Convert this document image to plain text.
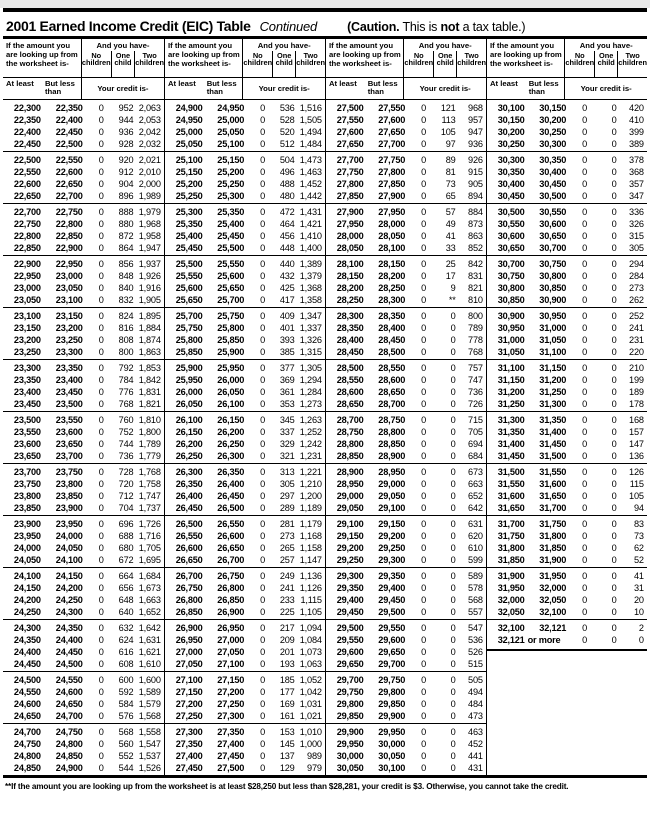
2001 Earned Income Credit (EIC) Table Continued (Caution. This is not a tax table.)
If the amount you are looking up from the worksheet is-
And you have-
No children
One child
Two children
At least	But less than	Your credit is-
22,300	22,350	0	952 2,063
22,350	22,400	0	944 2,053
22,400	22,450	0	936 2,042
22,450	22,500	0	928 2,032
22,500	22,550	0	920 2,021
22,550	22,600	0	912 2,010
22,600	22,650	0	904 2,000
22,650	22,700	0	896 1,989
22,700	22,750	0	888 1,979
22,750	22,800	0	880 1,968
22,800	22,850	0	872 1,958
22,850	22,900	0	864 1,947
22,900	22,950	0	856 1,937
22,950	23,000	0	848 1,926
23,000	23,050	0	840 1,916
23,050	23,100	0	832 1,905
23,100	23,150	0	824 1,895
23,150	23,200	0	816 1,884
23,200	23,250	0	808 1,874
23,250	23,300	0	800 1,863
23,300	23,350	0	792 1,853
23,350	23,400	0	784 1,842
23,400	23,450	0	776 1,831
23,450	23,500	0	768 1,821
23,500	23,550	0	760 1,810
23,550	23,600	0	752 1,800
23,600	23,650	0	744 1,789
23,650	23,700	0	736 1,779
23,700	23,750	0	728 1,768
23,750	23,800	0	720 1,758
23,800	23,850	0	712 1,747
23,850	23,900	0	704 1,737
23,900	23,950	0	696 1,726
23,950	24,000	0	688 1,716
24,000	24,050	0	680 1,705
24,050	24,100	0	672 1,695
24,100	24,150	0	664 1,684
24,150	24,200	0	656 1,673
24,200	24,250	0	648 1,663
24,250	24,300	0	640 1,652
24,300	24,350	0	632 1,642
24,350	24,400	0	624 1,631
24,400	24,450	0	616 1,621
24,450	24,500	0	608 1,610
24,500	24,550	0	600 1,600
24,550	24,600	0	592 1,589
24,600	24,650	0	584 1,579
24,650	24,700	0	576 1,568
24,700	24,750	0	568 1,558
24,750	24,800	0	560 1,547
24,800	24,850	0	552 1,537
24,850	24,900	0	544 1,526
If the amount you are looking up from the worksheet is-
And you have-
No children
One child
Two children
At least	But less than	Your credit is-
24,900	24,950	0	536 1,516
24,950	25,000	0	528 1,505
25,000	25,050	0	520 1,494
25,050	25,100	0	512 1,484
25,100	25,150	0	504 1,473
25,150	25,200	0	496 1,463
25,200	25,250	0	488 1,452
25,250	25,300	0	480 1,442
25,300	25,350	0	472 1,431
25,350	25,400	0	464 1,421
25,400	25,450	0	456 1,410
25,450	25,500	0	448 1,400
25,500	25,550	0	440 1,389
25,550	25,600	0	432 1,379
25,600	25,650	0	425 1,368
25,650	25,700	0	417 1,358
25,700	25,750	0	409 1,347
25,750	25,800	0	401 1,337
25,800	25,850	0	393 1,326
25,850	25,900	0	385 1,315
25,900	25,950	0	377 1,305
25,950	26,000	0	369 1,294
26,000	26,050	0	361 1,284
26,050	26,100	0	353 1,273
26,100	26,150	0	345 1,263
26,150	26,200	0	337 1,252
26,200	26,250	0	329 1,242
26,250	26,300	0	321 1,231
26,300	26,350	0	313 1,221
26,350	26,400	0	305 1,210
26,400	26,450	0	297 1,200
26,450	26,500	0	289 1,189
26,500	26,550	0	281 1,179
26,550	26,600	0	273 1,168
26,600	26,650	0	265 1,158
26,650	26,700	0	257 1,147
26,700	26,750	0	249 1,136
26,750	26,800	0	241 1,126
26,800	26,850	0	233 1,115
26,850	26,900	0	225 1,105
26,900	26,950	0	217 1,094
26,950	27,000	0	209 1,084
27,000	27,050	0	201 1,073
27,050	27,100	0	193 1,063
27,100	27,150	0	185 1,052
27,150	27,200	0	177 1,042
27,200	27,250	0	169 1,031
27,250	27,300	0	161 1,021
27,300	27,350	0	153 1,010
27,350	27,400	0	145 1,000
27,400	27,450	0	137	989
27,450	27,500	0	129	979
If the amount you are looking up from the worksheet is-
And you have-
No children
One child
Two children
At least	But less than	Your credit is-
27,500	27,550	0	121	968
27,550	27,600	0	113	957
27,600	27,650	0	105	947
27,650	27,700	0	97	936
27,700	27,750	0	89	926
27,750	27,800	0	81	915
27,800	27,850	0	73	905
27,850	27,900	0	65	894
27,900	27,950	0	57	884
27,950	28,000	0	49	873
28,000	28,050	0	41	863
28,050	28,100	0	33	852
28,100	28,150	0	25	842
28,150	28,200	0	17	831
28,200	28,250	0	9	821
28,250	28,300	0	**	810
28,300	28,350	0	0	800
28,350	28,400	0	0	789
28,400	28,450	0	0	778
28,450	28,500	0	0	768
28,500	28,550	0	0	757
28,550	28,600	0	0	747
28,600	28,650	0	0	736
28,650	28,700	0	0	726
28,700	28,750	0	0	715
28,750	28,800	0	0	705
28,800	28,850	0	0	694
28,850	28,900	0	0	684
28,900	28,950	0	0	673
28,950	29,000	0	0	663
29,000	29,050	0	0	652
29,050	29,100	0	0	642
29,100	29,150	0	0	631
29,150	29,200	0	0	620
29,200	29,250	0	0	610
29,250	29,300	0	0	599
29,300	29,350	0	0	589
29,350	29,400	0	0	578
29,400	29,450	0	0	568
29,450	29,500	0	0	557
29,500	29,550	0	0	547
29,550	29,600	0	0	536
29,600	29,650	0	0	526
29,650	29,700	0	0	515
29,700	29,750	0	0	505
29,750	29,800	0	0	494
29,800	29,850	0	0	484
29,850	29,900	0	0	473
29,900	29,950	0	0	463
29,950	30,000	0	0	452
30,000	30,050	0	0	441
30,050	30,100	0	0	431
If the amount you are looking up from the worksheet is-
And you have-
No children
One child
Two children
At least	But less than	Your credit is-
30,100	30,150	0	0	420
30,150	30,200	0	0	410
30,200	30,250	0	0	399
30,250	30,300	0	0	389
30,300	30,350	0	0	378
30,350	30,400	0	0	368
30,400	30,450	0	0	357
30,450	30,500	0	0	347
30,500	30,550	0	0	336
30,550	30,600	0	0	326
30,600	30,650	0	0	315
30,650	30,700	0	0	305
30,700	30,750	0	0	294
30,750	30,800	0	0	284
30,800	30,850	0	0	273
30,850	30,900	0	0	262
30,900	30,950	0	0	252
30,950	31,000	0	0	241
31,000	31,050	0	0	231
31,050	31,100	0	0	220
31,100	31,150	0	0	210
31,150	31,200	0	0	199
31,200	31,250	0	0	189
31,250	31,300	0	0	178
31,300	31,350	0	0	168
31,350	31,400	0	0	157
31,400	31,450	0	0	147
31,450	31,500	0	0	136
31,500	31,550	0	0	126
31,550	31,600	0	0	115
31,600	31,650	0	0	105
31,650	31,700	0	0	94
31,700	31,750	0	0	83
31,750	31,800	0	0	73
31,800	31,850	0	0	62
31,850	31,900	0	0	52
31,900	31,950	0	0	41
31,950	32,000	0	0	31
32,000	32,050	0	0	20
32,050	32,100	0	0	10
32,100	32,121	0	0	2
32,121 or more	0	0	0
**If the amount you are looking up from the worksheet is at least $28,250 but less than $28,281, your credit is $3. Otherwise, you cannot take the credit.
